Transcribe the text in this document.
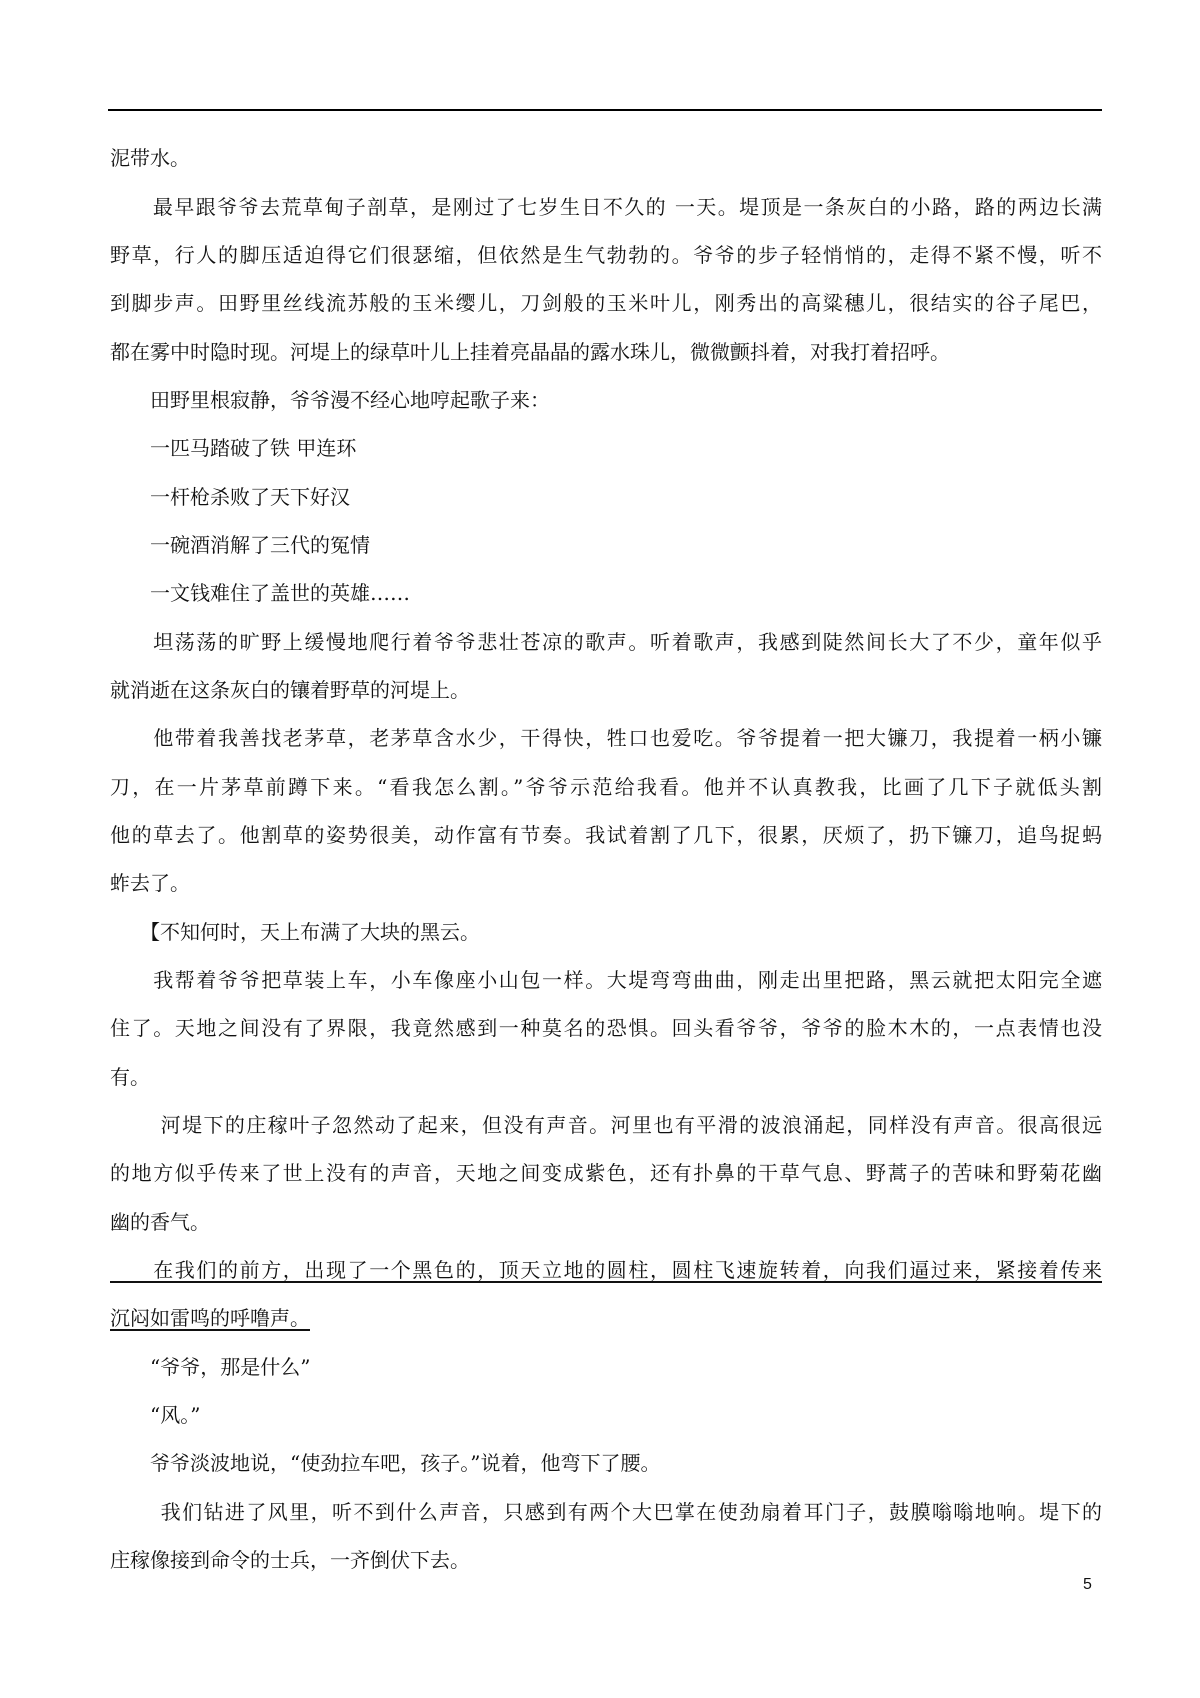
泥带水。
　　最早跟爷爷去荒草甸子剖草，是刚过了七岁生日不久的 一天。堤顶是一条灰白的小路，路的两边长满
野草，行人的脚压适迫得它们很瑟缩，但依然是生气勃勃的。爷爷的步子轻悄悄的，走得不紧不慢，听不
到脚步声。田野里丝线流苏般的玉米缨儿，刀剑般的玉米叶儿，刚秀出的高粱穗儿，很结实的谷子尾巴，
都在雾中时隐时现。河堤上的绿草叶儿上挂着亮晶晶的露水珠儿，微微颤抖着，对我打着招呼。
　　田野里根寂静，爷爷漫不经心地哼起歌子来：
　　一匹马踏破了铁 甲连环
　　一杆枪杀败了天下好汉
　　一碗酒消解了三代的冤情
　　一文钱难住了盖世的英雄……
　　坦荡荡的旷野上缓慢地爬行着爷爷悲壮苍凉的歌声。听着歌声，我感到陡然间长大了不少，童年似乎
就消逝在这条灰白的镶着野草的河堤上。
　　他带着我善找老茅草，老茅草含水少，干得快，牲口也爱吃。爷爷提着一把大镰刀，我提着一柄小镰
刀，在一片茅草前蹲下来。“看我怎么割。”爷爷示范给我看。他并不认真教我，比画了几下子就低头割
他的草去了。他割草的姿势很美，动作富有节奏。我试着割了几下，很累，厌烦了，扔下镰刀，追鸟捉蚂
蚱去了。
　　【不知何时，天上布满了大块的黑云。
　　我帮着爷爷把草装上车，小车像座小山包一样。大堤弯弯曲曲，刚走出里把路，黑云就把太阳完全遮
住了。天地之间没有了界限，我竟然感到一种莫名的恐惧。回头看爷爷，爷爷的脸木木的，一点表情也没
有。
　　 河堤下的庄稼叶子忽然动了起来，但没有声音。河里也有平滑的波浪涌起，同样没有声音。很高很远
的地方似乎传来了世上没有的声音，天地之间变成紫色，还有扑鼻的干草气息、野蒿子的苦味和野菊花幽
幽的香气。
　　在我们的前方，出现了一个黑色的，顶天立地的圆柱，圆柱飞速旋转着，向我们逼过来，紧接着传来
沉闷如雷鸣的呼噜声。
　　“爷爷，那是什么”
　　“风。”
　　爷爷淡波地说，“使劲拉车吧，孩子。”说着，他弯下了腰。
　　 我们钻进了风里，听不到什么声音，只感到有两个大巴掌在使劲扇着耳门子，鼓膜嗡嗡地响。堤下的
庄稼像接到命令的士兵，一齐倒伏下去。
5
